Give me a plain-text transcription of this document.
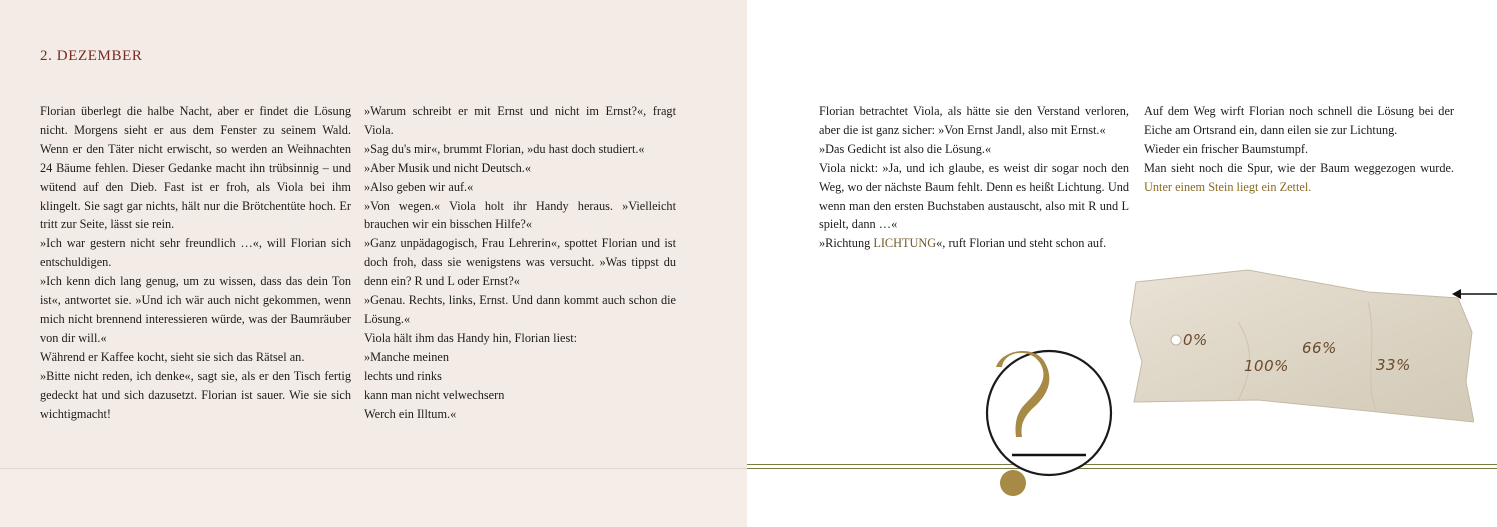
2. DEZEMBER

Florian überlegt die halbe Nacht, aber er findet die Lösung nicht. Morgens sieht er aus dem Fenster zu seinem Wald. Wenn er den Täter nicht erwischt, so werden an Weihnachten 24 Bäume fehlen. Dieser Gedanke macht ihn trübsinnig – und wütend auf den Dieb. Fast ist er froh, als Viola bei ihm klingelt. Sie sagt gar nichts, hält nur die Brötchentüte hoch. Er tritt zur Seite, lässt sie rein.

»Ich war gestern nicht sehr freundlich …«, will Florian sich entschuldigen.

»Ich kenn dich lang genug, um zu wissen, dass das dein Ton ist«, antwortet sie. »Und ich wär auch nicht gekommen, wenn mich nicht brennend interessieren würde, was der Baumräuber von dir will.«

Während er Kaffee kocht, sieht sie sich das Rätsel an.

»Bitte nicht reden, ich denke«, sagt sie, als er den Tisch fertig gedeckt hat und sich dazusetzt. Florian ist sauer. Wie sie sich wichtigmacht!

»Warum schreibt er mit Ernst und nicht im Ernst?«, fragt Viola.

»Sag du's mir«, brummt Florian, »du hast doch studiert.«

»Aber Musik und nicht Deutsch.«

»Also geben wir auf.«

»Von wegen.« Viola holt ihr Handy heraus. »Vielleicht brauchen wir ein bisschen Hilfe?«

»Ganz unpädagogisch, Frau Lehrerin«, spottet Florian und ist doch froh, dass sie wenigstens was versucht. »Was tippst du denn ein? R und L oder Ernst?«

»Genau. Rechts, links, Ernst. Und dann kommt auch schon die Lösung.«

Viola hält ihm das Handy hin, Florian liest:

»Manche meinen

lechts und rinks

kann man nicht velwechsern

Werch ein Illtum.«

Florian betrachtet Viola, als hätte sie den Verstand verloren, aber die ist ganz sicher: »Von Ernst Jandl, also mit Ernst.«

»Das Gedicht ist also die Lösung.«

Viola nickt: »Ja, und ich glaube, es weist dir sogar noch den Weg, wo der nächste Baum fehlt. Denn es heißt Lichtung. Und wenn man den ersten Buchstaben austauscht, also mit R und L spielt, dann …«

»Richtung LICHTUNG«, ruft Florian und steht schon auf.

Auf dem Weg wirft Florian noch schnell die Lösung bei der Eiche am Ortsrand ein, dann eilen sie zur Lichtung.

Wieder ein frischer Baumstumpf.

Man sieht noch die Spur, wie der Baum weggezogen wurde. Unter einem Stein liegt ein Zettel.

0%
100%
66%
33%
